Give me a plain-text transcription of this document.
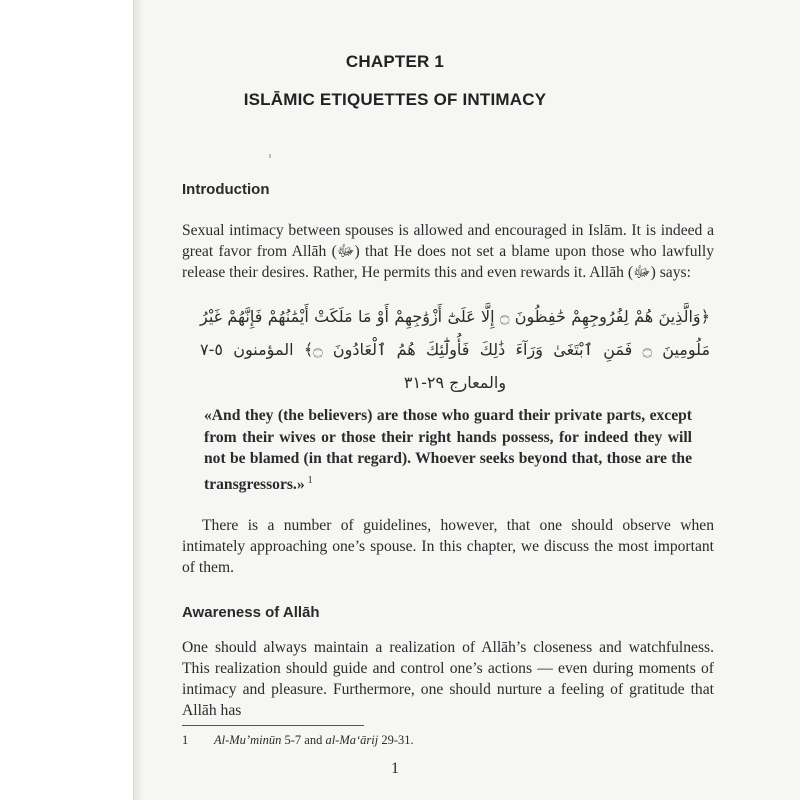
CHAPTER 1
ISLĀMIC ETIQUETTES OF INTIMACY
Introduction

Sexual intimacy between spouses is allowed and encouraged in Islām. It is indeed a great favor from Allāh (ﷻ) that He does not set a blame upon those who lawfully release their desires. Rather, He permits this and even rewards it. Allāh (ﷻ) says:

﴿وَالَّذِينَ هُمْ لِفُرُوجِهِمْ حَٰفِظُونَ ۝ إِلَّا عَلَىٰٓ أَزْوَٰجِهِمْ أَوْ مَا مَلَكَتْ أَيْمَٰنُهُمْ فَإِنَّهُمْ غَيْرُ مَلُومِينَ ۝ فَمَنِ ٱبْتَغَىٰ وَرَآءَ ذَٰلِكَ فَأُولَٰٓئِكَ هُمُ ٱلْعَادُونَ ۝﴾ المؤمنون ٥-٧ والمعارج ٢٩-٣١

«And they (the believers) are those who guard their private parts, except from their wives or those their right hands possess, for indeed they will not be blamed (in that regard). Whoever seeks beyond that, those are the transgressors.» $^1$

There is a number of guidelines, however, that one should observe when intimately approaching one’s spouse. In this chapter, we discuss the most important of them.

Awareness of Allāh

One should always maintain a realization of Allāh’s closeness and watchfulness. This realization should guide and control one’s actions — even during moments of intimacy and pleasure. Furthermore, one should nurture a feeling of gratitude that Allāh has

1 Al-Mu’minūn 5-7 and al-Ma‘ārij 29-31.
1
